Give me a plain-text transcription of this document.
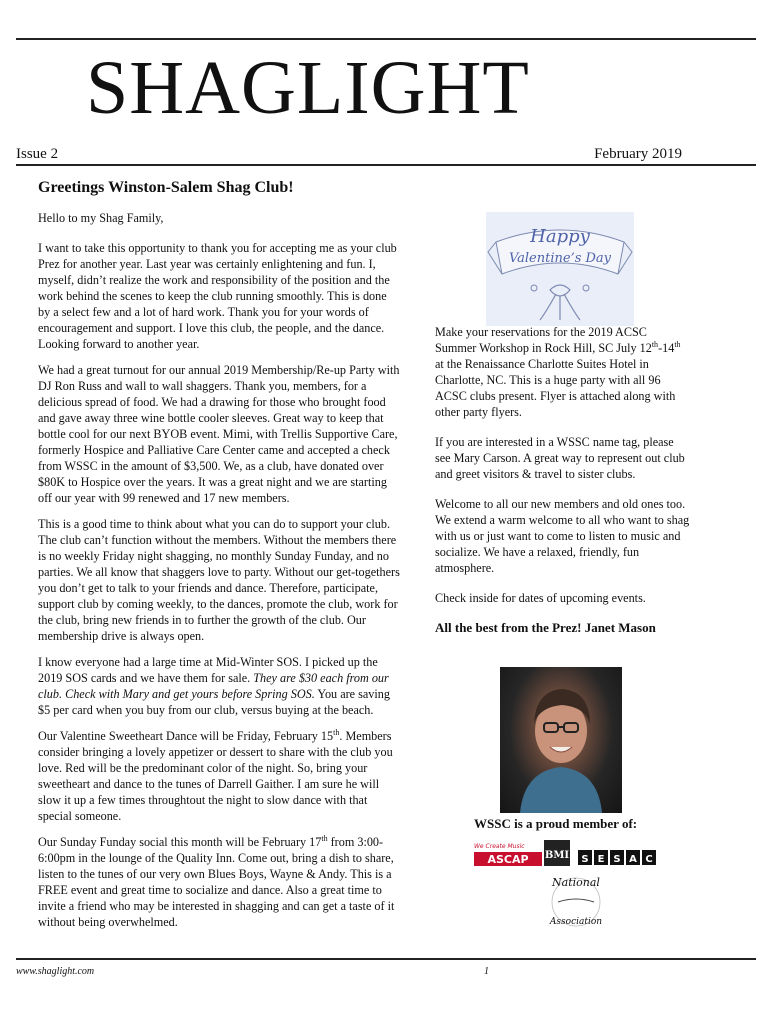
SHAGLIGHT
Issue 2	February 2019
Greetings Winston-Salem Shag Club!

Hello to my Shag Family,

I want to take this opportunity to thank you for accepting me as your club Prez for another year. Last year was certainly enlightening and fun. I, myself, didn’t realize the work and responsibility of the position and the work behind the scenes to keep the club running smoothly. This is done by a select few and a lot of hard work. Thank you for your words of encouragement and support. I love this club, the people, and the dance. Looking forward to another year.

We had a great turnout for our annual 2019 Membership/Re-up Party with DJ Ron Russ and wall to wall shaggers. Thank you, members, for a delicious spread of food. We had a drawing for those who brought food and gave away three wine bottle cooler sleeves. Great way to keep that bottle cool for our next BYOB event. Mimi, with Trellis Supportive Care, formerly Hospice and Palliative Care Center came and accepted a check from WSSC in the amount of $3,500. We, as a club, have donated over $80K to Hospice over the years. It was a great night and we are starting off our year with 99 renewed and 17 new members.

This is a good time to think about what you can do to support your club. The club can’t function without the members. Without the members there is no weekly Friday night shagging, no monthly Sunday Funday, and no parties. We all know that shaggers love to party. Without our get-togethers you don’t get to talk to your friends and dance. Therefore, participate, support club by coming weekly, to the dances, promote the club, work for the club, bring new friends in to further the growth of the club. Our membership drive is always open.

I know everyone had a large time at Mid-Winter SOS. I picked up the 2019 SOS cards and we have them for sale. They are $30 each from our club. Check with Mary and get yours before Spring SOS. You are saving $5 per card when you buy from our club, versus buying at the beach.

Our Valentine Sweetheart Dance will be Friday, February 15th. Members consider bringing a lovely appetizer or dessert to share with the club you love. Red will be the predominant color of the night. So, bring your sweetheart and dance to the tunes of Darrell Gaither. I am sure he will slow it up a few times throughtout the night to slow dance with that special someone.

Our Sunday Funday social this month will be February 17th from 3:00-6:00pm in the lounge of the Quality Inn. Come out, bring a dish to share, listen to the tunes of our very own Blues Boys, Wayne & Andy. This is a FREE event and great time to socialize and dance. Also a great time to invite a friend who may be interested in shagging and can get a taste of it without being overwhelmed.

Happy
Valentine’s Day

Make your reservations for the 2019 ACSC Summer Workshop in Rock Hill, SC July 12th-14th at the Renaissance Charlotte Suites Hotel in Charlotte, NC. This is a huge party with all 96 ACSC clubs present. Flyer is attached along with other party flyers.

If you are interested in a WSSC name tag, please see Mary Carson. A great way to represent out club and greet visitors & travel to sister clubs.

Welcome to all our new members and old ones too. We extend a warm welcome to all who want to shag with us or just want to come to listen to music and socialize. We have a relaxed, friendly, fun atmosphere.

Check inside for dates of upcoming events.

All the best from the Prez! Janet Mason

WSSC is a proud member of:
We Create Music
ASCAP BMI S E S A C
National
Association
www.shaglight.com	1
